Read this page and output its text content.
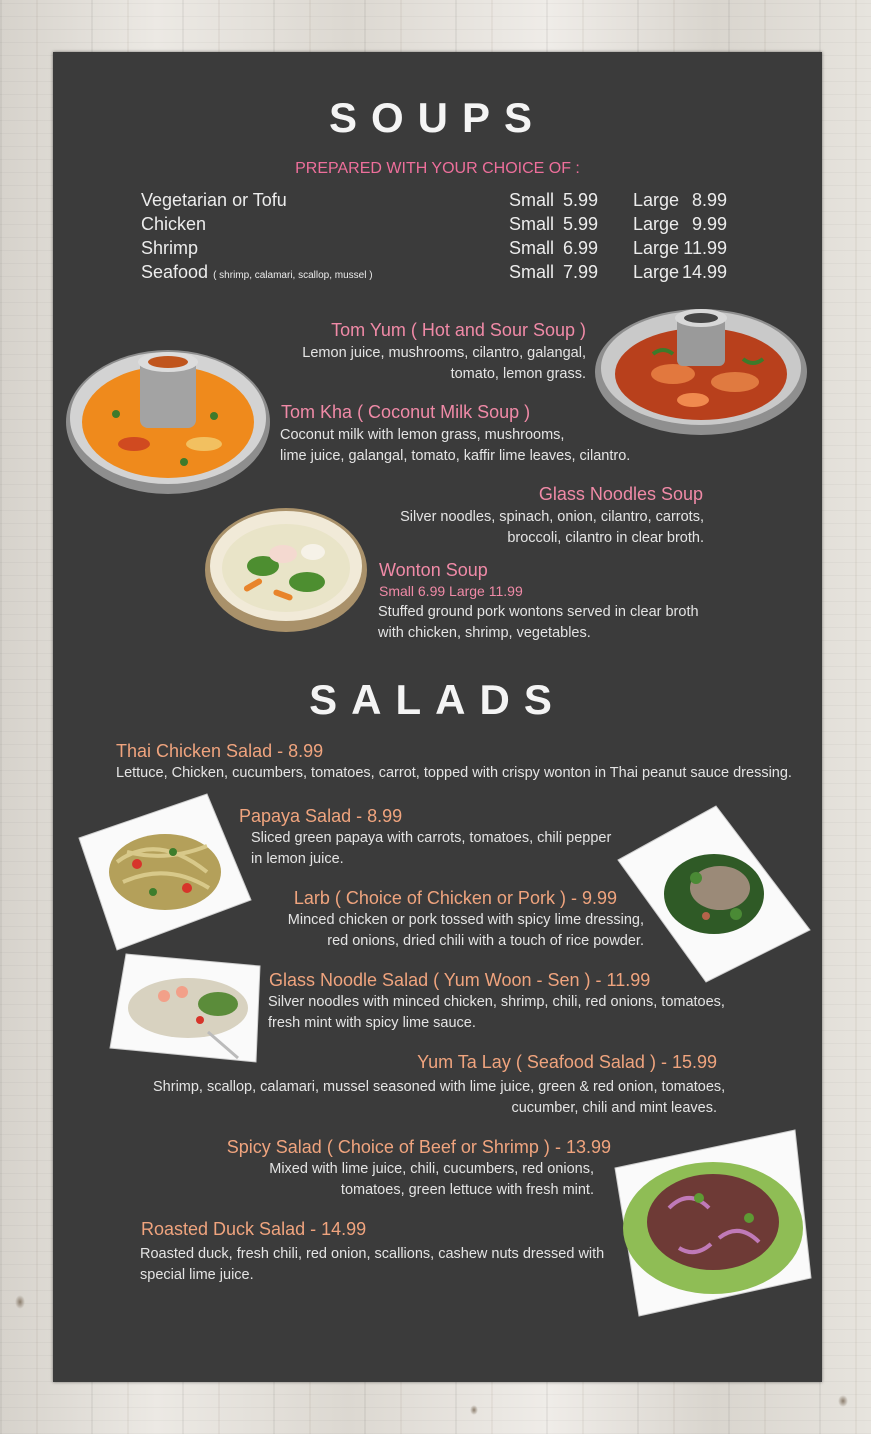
SOUPS
PREPARED WITH YOUR CHOICE OF :
Vegetarian or Tofu	Small 5.99 Large 8.99
Chicken	Small 5.99 Large 9.99
Shrimp	Small 6.99 Large 11.99
Seafood ( shrimp, calamari, scallop, mussel )	Small 7.99 Large 14.99
Tom Yum ( Hot and Sour Soup )
Lemon juice, mushrooms, cilantro, galangal,
tomato, lemon grass.
Tom Kha ( Coconut Milk Soup )
Coconut milk with lemon grass, mushrooms,
lime juice, galangal, tomato, kaffir lime leaves, cilantro.
Glass Noodles Soup
Silver noodles, spinach, onion, cilantro, carrots,
broccoli, cilantro in clear broth.
Wonton Soup
Small 6.99 Large 11.99
Stuffed ground pork wontons served in clear broth
with chicken, shrimp, vegetables.
SALADS
Thai Chicken Salad - 8.99
Lettuce, Chicken, cucumbers, tomatoes, carrot, topped with crispy wonton in Thai peanut sauce dressing.
Papaya Salad - 8.99
Sliced green papaya with carrots, tomatoes, chili pepper
in lemon juice.
Larb ( Choice of Chicken or Pork ) - 9.99
Minced chicken or pork tossed with spicy lime dressing,
red onions, dried chili with a touch of rice powder.
Glass Noodle Salad ( Yum Woon - Sen ) - 11.99
Silver noodles with minced chicken, shrimp, chili, red onions, tomatoes,
fresh mint with spicy lime sauce.
Yum Ta Lay ( Seafood Salad ) - 15.99
Shrimp, scallop, calamari, mussel seasoned with lime juice, green & red onion, tomatoes,
cucumber, chili and mint leaves.
Spicy Salad ( Choice of Beef or Shrimp ) - 13.99
Mixed with lime juice, chili, cucumbers, red onions,
tomatoes, green lettuce with fresh mint.
Roasted Duck Salad - 14.99
Roasted duck, fresh chili, red onion, scallions, cashew nuts dressed with
special lime juice.
